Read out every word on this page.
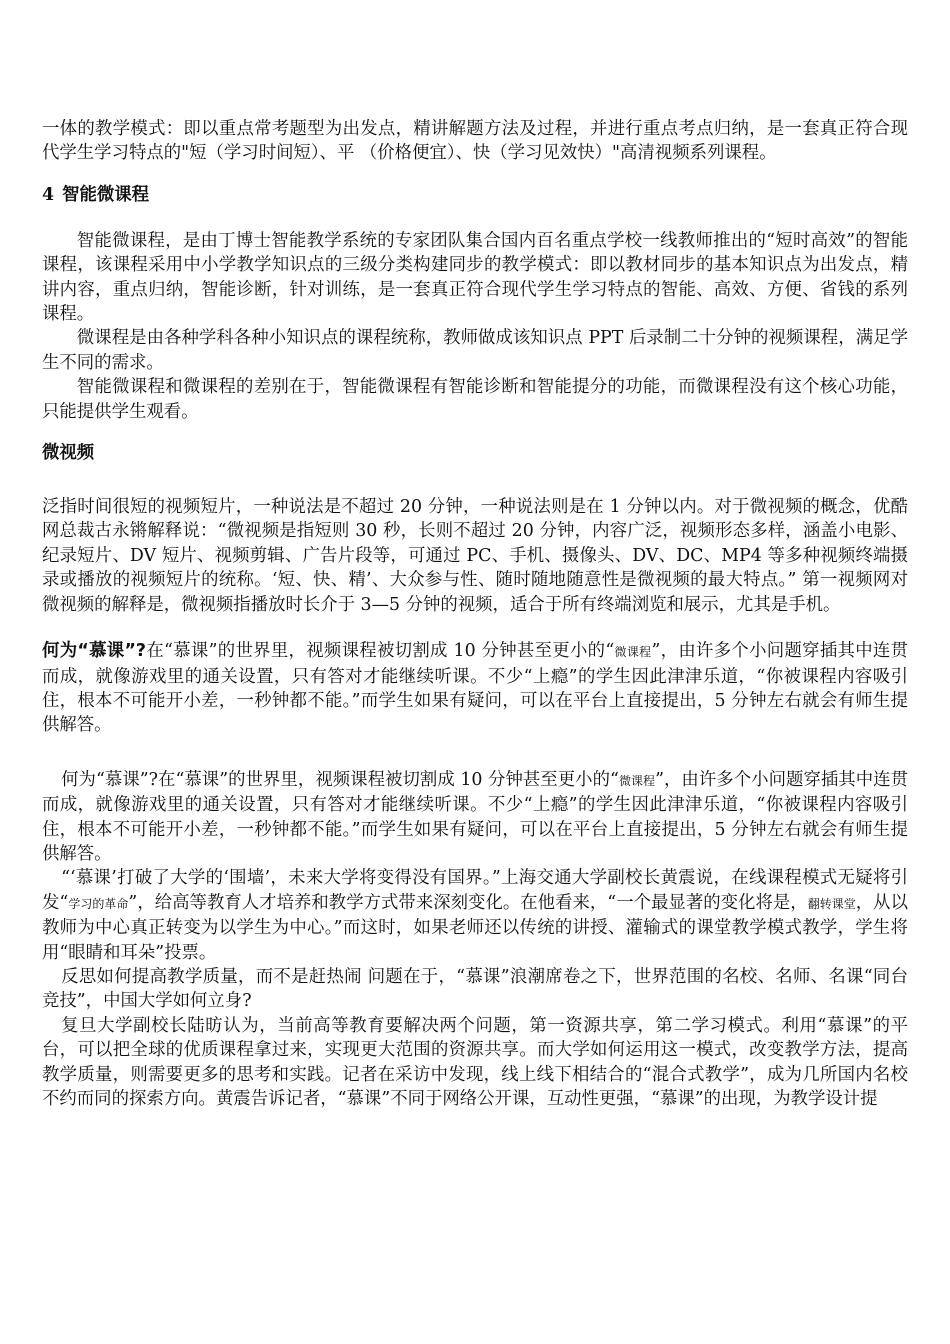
一体的教学模式：即以重点常考题型为出发点，精讲解题方法及过程，并进行重点考点归纳，是一套真正符合现代学生学习特点的"短（学习时间短）、平 （价格便宜）、快（学习见效快）"高清视频系列课程。

4 智能微课程

智能微课程，是由丁博士智能教学系统的专家团队集合国内百名重点学校一线教师推出的“短时高效”的智能课程，该课程采用中小学教学知识点的三级分类构建同步的教学模式：即以教材同步的基本知识点为出发点，精讲内容，重点归纳，智能诊断，针对训练，是一套真正符合现代学生学习特点的智能、高效、方便、省钱的系列课程。

微课程是由各种学科各种小知识点的课程统称，教师做成该知识点 PPT 后录制二十分钟的视频课程，满足学生不同的需求。

智能微课程和微课程的差别在于，智能微课程有智能诊断和智能提分的功能，而微课程没有这个核心功能，只能提供学生观看。

微视频

泛指时间很短的视频短片，一种说法是不超过 20 分钟，一种说法则是在 1 分钟以内。对于微视频的概念，优酷网总裁古永锵解释说：“微视频是指短则 30 秒，长则不超过 20 分钟，内容广泛，视频形态多样，涵盖小电影、纪录短片、DV 短片、视频剪辑、广告片段等，可通过 PC、手机、摄像头、DV、DC、MP4 等多种视频终端摄录或播放的视频短片的统称。‘短、快、精’、大众参与性、随时随地随意性是微视频的最大特点。” 第一视频网对微视频的解释是，微视频指播放时长介于 3—5 分钟的视频，适合于所有终端浏览和展示，尤其是手机。

何为“慕课”?在“慕课”的世界里，视频课程被切割成 10 分钟甚至更小的“微课程”，由许多个小问题穿插其中连贯而成，就像游戏里的通关设置，只有答对才能继续听课。不少“上瘾”的学生因此津津乐道，“你被课程内容吸引住，根本不可能开小差，一秒钟都不能。”而学生如果有疑问，可以在平台上直接提出，5 分钟左右就会有师生提供解答。

何为“慕课”?在“慕课”的世界里，视频课程被切割成 10 分钟甚至更小的“微课程”，由许多个小问题穿插其中连贯而成，就像游戏里的通关设置，只有答对才能继续听课。不少“上瘾”的学生因此津津乐道，“你被课程内容吸引住，根本不可能开小差，一秒钟都不能。”而学生如果有疑问，可以在平台上直接提出，5 分钟左右就会有师生提供解答。

“‘慕课’打破了大学的‘围墙’，未来大学将变得没有国界。”上海交通大学副校长黄震说，在线课程模式无疑将引发“学习的革命”，给高等教育人才培养和教学方式带来深刻变化。在他看来，“一个最显著的变化将是，翻转课堂，从以教师为中心真正转变为以学生为中心。”而这时，如果老师还以传统的讲授、灌输式的课堂教学模式教学，学生将用“眼睛和耳朵”投票。

反思如何提高教学质量，而不是赶热闹 问题在于，“慕课”浪潮席卷之下，世界范围的名校、名师、名课“同台竞技”，中国大学如何立身?

复旦大学副校长陆昉认为，当前高等教育要解决两个问题，第一资源共享，第二学习模式。利用“慕课”的平台，可以把全球的优质课程拿过来，实现更大范围的资源共享。而大学如何运用这一模式，改变教学方法，提高教学质量，则需要更多的思考和实践。记者在采访中发现，线上线下相结合的“混合式教学”，成为几所国内名校不约而同的探索方向。黄震告诉记者，“慕课”不同于网络公开课，互动性更强，“慕课”的出现，为教学设计提
